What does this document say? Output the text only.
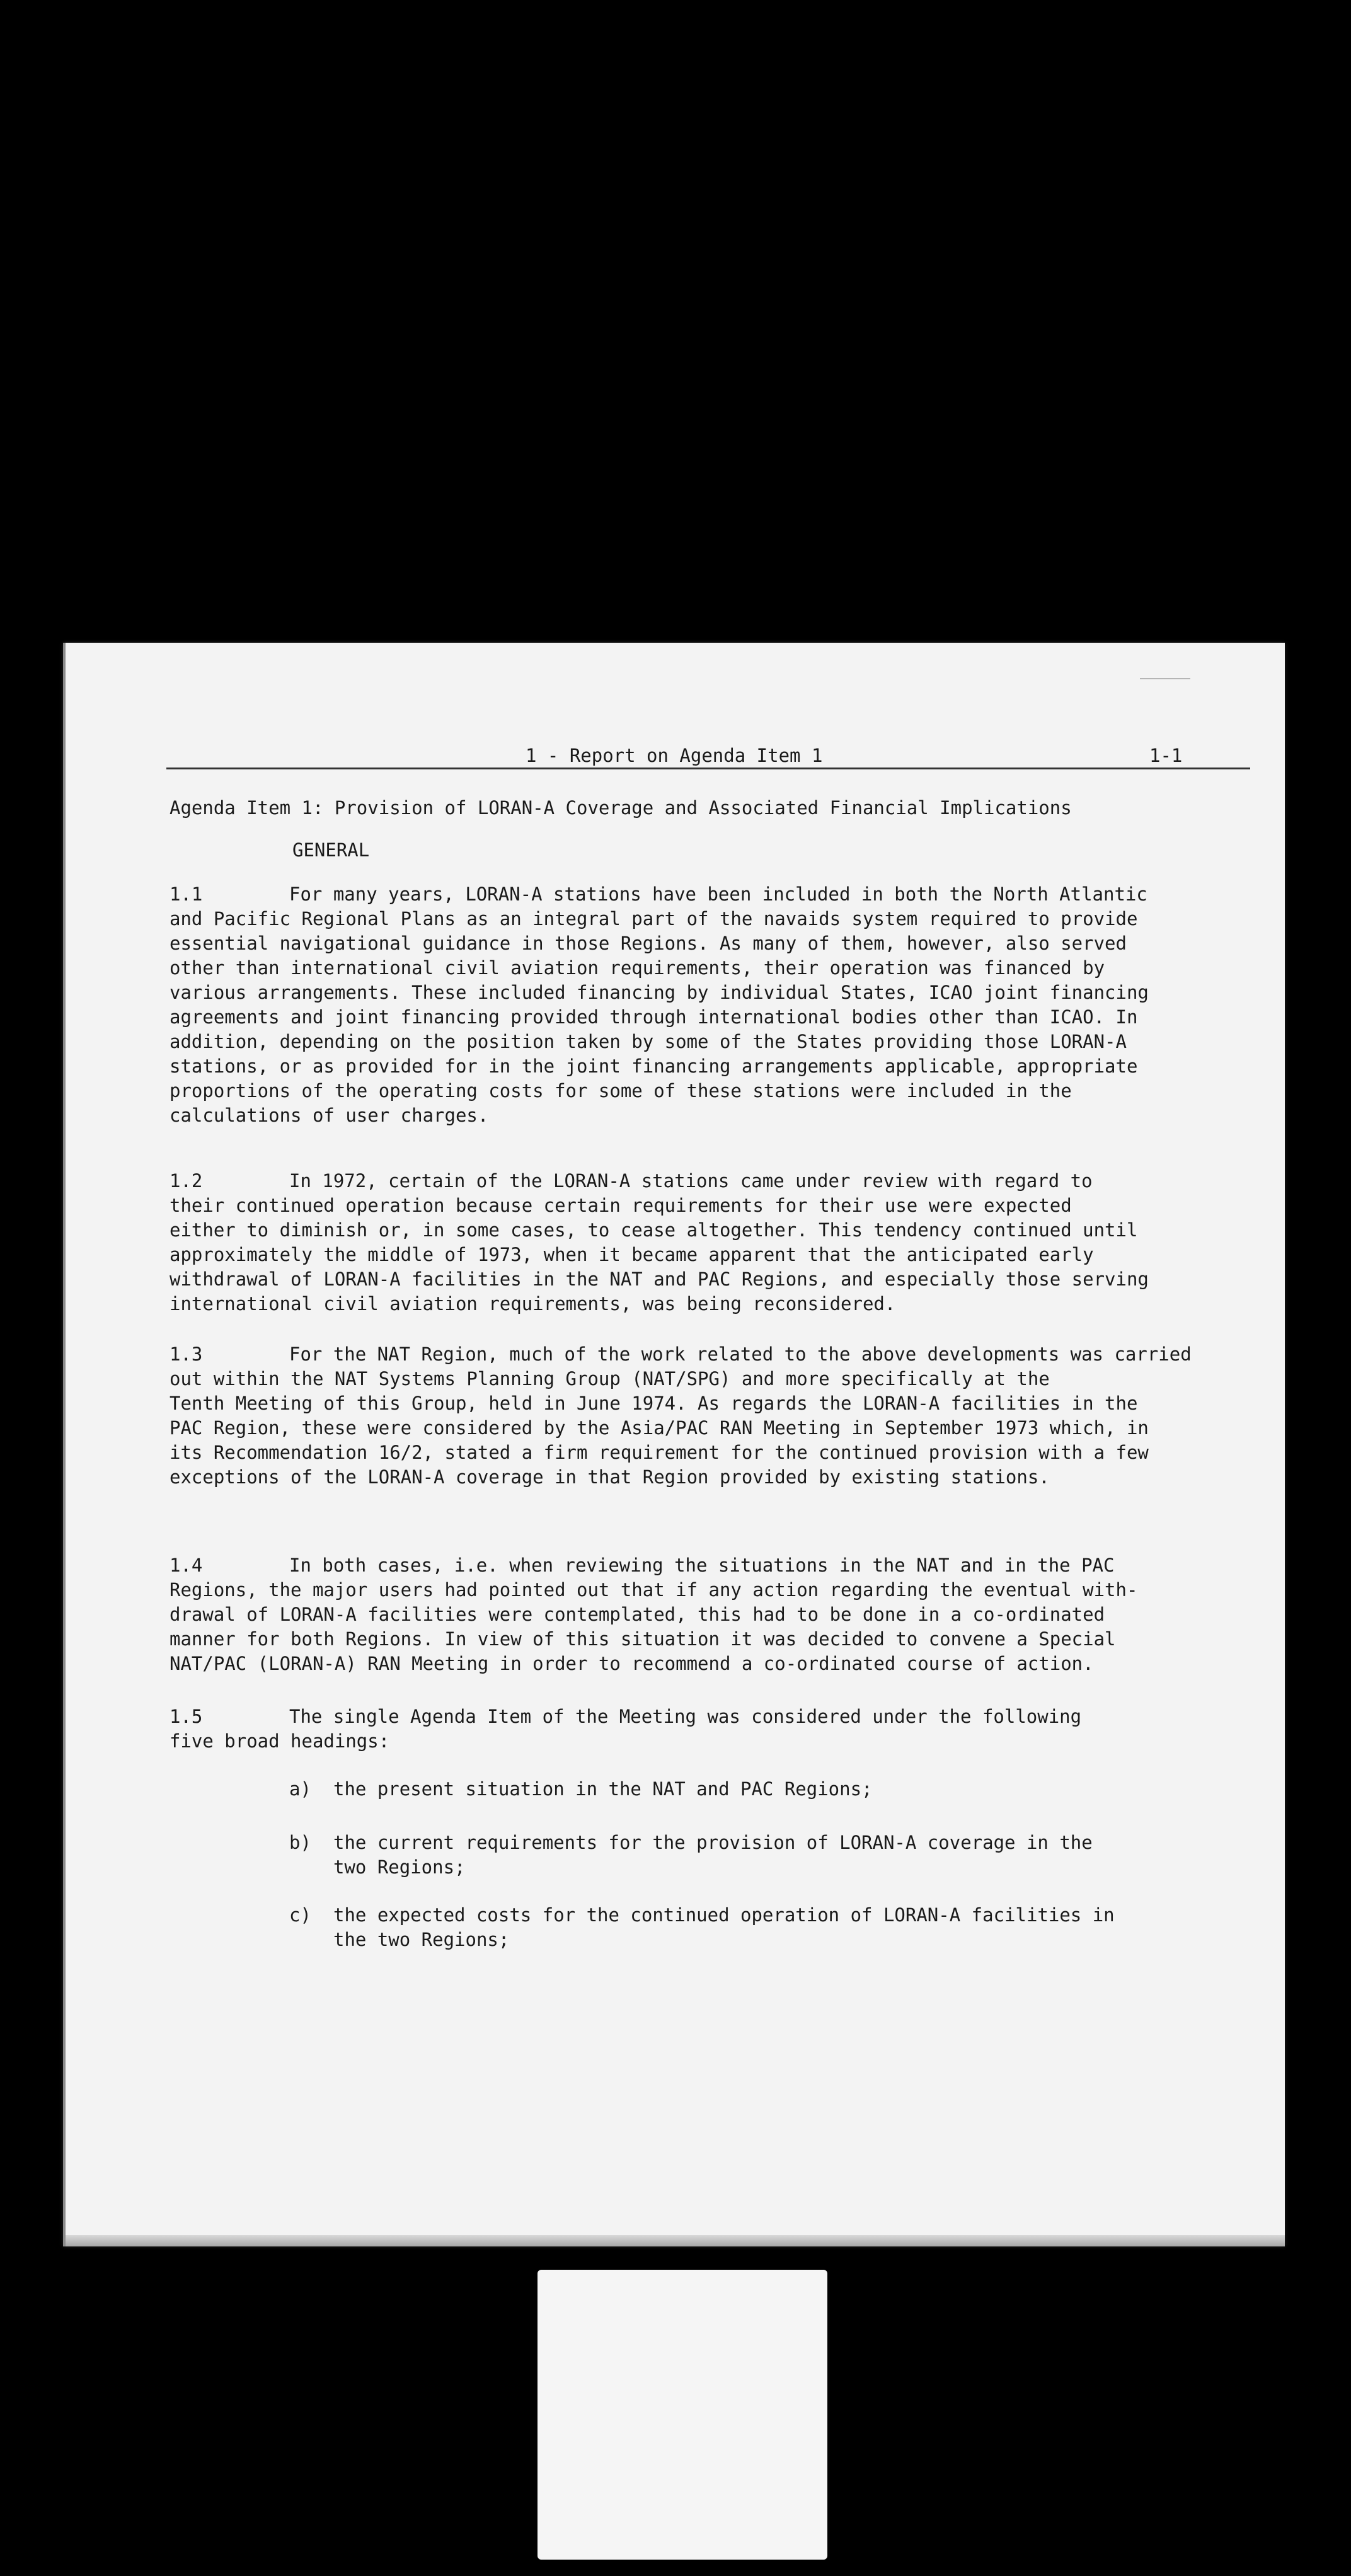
1 - Report on Agenda Item 1	1-1
Agenda Item 1: Provision of LORAN-A Coverage and Associated Financial Implications
GENERAL

1.1	For many years, LORAN-A stations have been included in both the North Atlantic

and Pacific Regional Plans as an integral part of the navaids system required to provide

essential navigational guidance in those Regions. As many of them, however, also served

other than international civil aviation requirements, their operation was financed by

various arrangements. These included financing by individual States, ICAO joint financing

agreements and joint financing provided through international bodies other than ICAO. In

addition, depending on the position taken by some of the States providing those LORAN-A

stations, or as provided for in the joint financing arrangements applicable, appropriate

proportions of the operating costs for some of these stations were included in the

calculations of user charges.

1.2	In 1972, certain of the LORAN-A stations came under review with regard to

their continued operation because certain requirements for their use were expected

either to diminish or, in some cases, to cease altogether. This tendency continued until

approximately the middle of 1973, when it became apparent that the anticipated early

withdrawal of LORAN-A facilities in the NAT and PAC Regions, and especially those serving

international civil aviation requirements, was being reconsidered.

1.3	For the NAT Region, much of the work related to the above developments was carried

out within the NAT Systems Planning Group (NAT/SPG) and more specifically at the

Tenth Meeting of this Group, held in June 1974. As regards the LORAN-A facilities in the

PAC Region, these were considered by the Asia/PAC RAN Meeting in September 1973 which, in

its Recommendation 16/2, stated a firm requirement for the continued provision with a few

exceptions of the LORAN-A coverage in that Region provided by existing stations.

1.4	In both cases, i.e. when reviewing the situations in the NAT and in the PAC

Regions, the major users had pointed out that if any action regarding the eventual with-

drawal of LORAN-A facilities were contemplated, this had to be done in a co-ordinated

manner for both Regions. In view of this situation it was decided to convene a Special

NAT/PAC (LORAN-A) RAN Meeting in order to recommend a co-ordinated course of action.

1.5	The single Agenda Item of the Meeting was considered under the following

five broad headings:

a) the present situation in the NAT and PAC Regions;
b) the current requirements for the provision of LORAN-A coverage in the
two Regions;
c) the expected costs for the continued operation of LORAN-A facilities in
the two Regions;
